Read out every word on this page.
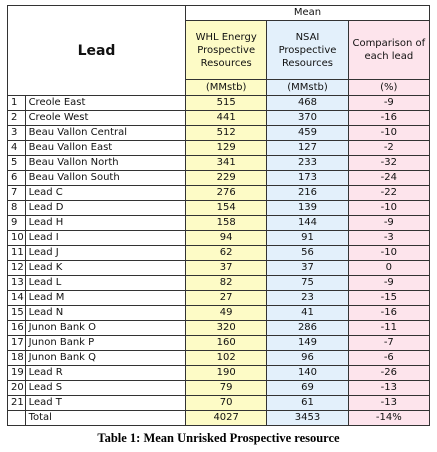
Lead		Mean		
		WHL Energy Prospective Resources	NSAI Prospective Resources	Comparison of each lead
		(MMstb)	(MMstb)	(%)
1	Creole East	515	468	-9
2	Creole West	441	370	-16
3	Beau Vallon Central	512	459	-10
4	Beau Vallon East	129	127	-2
5	Beau Vallon North	341	233	-32
6	Beau Vallon South	229	173	-24
7	Lead C	276	216	-22
8	Lead D	154	139	-10
9	Lead H	158	144	-9
10	Lead I	94	91	-3
11	Lead J	62	56	-10
12	Lead K	37	37	0
13	Lead L	82	75	-9
14	Lead M	27	23	-15
15	Lead N	49	41	-16
16	Junon Bank O	320	286	-11
17	Junon Bank P	160	149	-7
18	Junon Bank Q	102	96	-6
19	Lead R	190	140	-26
20	Lead S	79	69	-13
21	Lead T	70	61	-13
	Total	4027	3453	-14%
Table 1: Mean Unrisked Prospective resource
